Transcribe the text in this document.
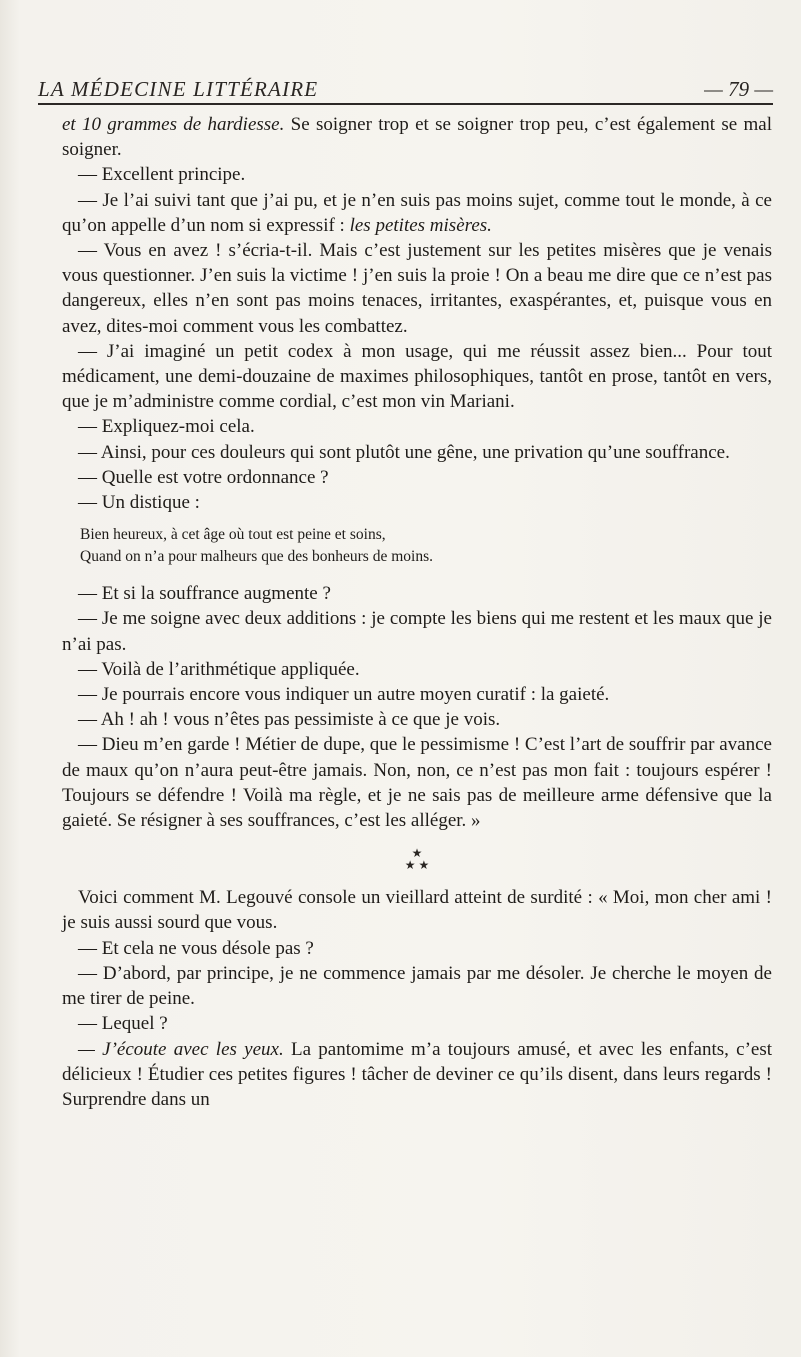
LA MÉDECINE LITTÉRAIRE	— 79 —

et 10 grammes de hardiesse. Se soigner trop et se soigner trop peu, c’est également se mal soigner.

— Excellent principe.

— Je l’ai suivi tant que j’ai pu, et je n’en suis pas moins sujet, comme tout le monde, à ce qu’on appelle d’un nom si expressif : les petites misères.

— Vous en avez ! s’écria-t-il. Mais c’est justement sur les petites misères que je venais vous questionner. J’en suis la victime ! j’en suis la proie ! On a beau me dire que ce n’est pas dangereux, elles n’en sont pas moins tenaces, irritantes, exaspérantes, et, puisque vous en avez, dites-moi comment vous les combattez.

— J’ai imaginé un petit codex à mon usage, qui me réussit assez bien... Pour tout médicament, une demi-douzaine de maximes philosophiques, tantôt en prose, tantôt en vers, que je m’administre comme cordial, c’est mon vin Mariani.

— Expliquez-moi cela.

— Ainsi, pour ces douleurs qui sont plutôt une gêne, une privation qu’une souffrance.

— Quelle est votre ordonnance ?

— Un distique :

Bien heureux, à cet âge où tout est peine et soins,
Quand on n’a pour malheurs que des bonheurs de moins.

— Et si la souffrance augmente ?

— Je me soigne avec deux additions : je compte les biens qui me restent et les maux que je n’ai pas.

— Voilà de l’arithmétique appliquée.

— Je pourrais encore vous indiquer un autre moyen curatif : la gaieté.

— Ah ! ah ! vous n’êtes pas pessimiste à ce que je vois.

— Dieu m’en garde ! Métier de dupe, que le pessimisme ! C’est l’art de souffrir par avance de maux qu’on n’aura peut-être jamais. Non, non, ce n’est pas mon fait : toujours espérer ! Toujours se défendre ! Voilà ma règle, et je ne sais pas de meilleure arme défensive que la gaieté. Se résigner à ses souffrances, c’est les alléger. »

★
★ ★

Voici comment M. Legouvé console un vieillard atteint de surdité : « Moi, mon cher ami ! je suis aussi sourd que vous.

— Et cela ne vous désole pas ?

— D’abord, par principe, je ne commence jamais par me désoler. Je cherche le moyen de me tirer de peine.

— Lequel ?

— J’écoute avec les yeux. La pantomime m’a toujours amusé, et avec les enfants, c’est délicieux ! Étudier ces petites figures ! tâcher de deviner ce qu’ils disent, dans leurs regards ! Surprendre dans un
